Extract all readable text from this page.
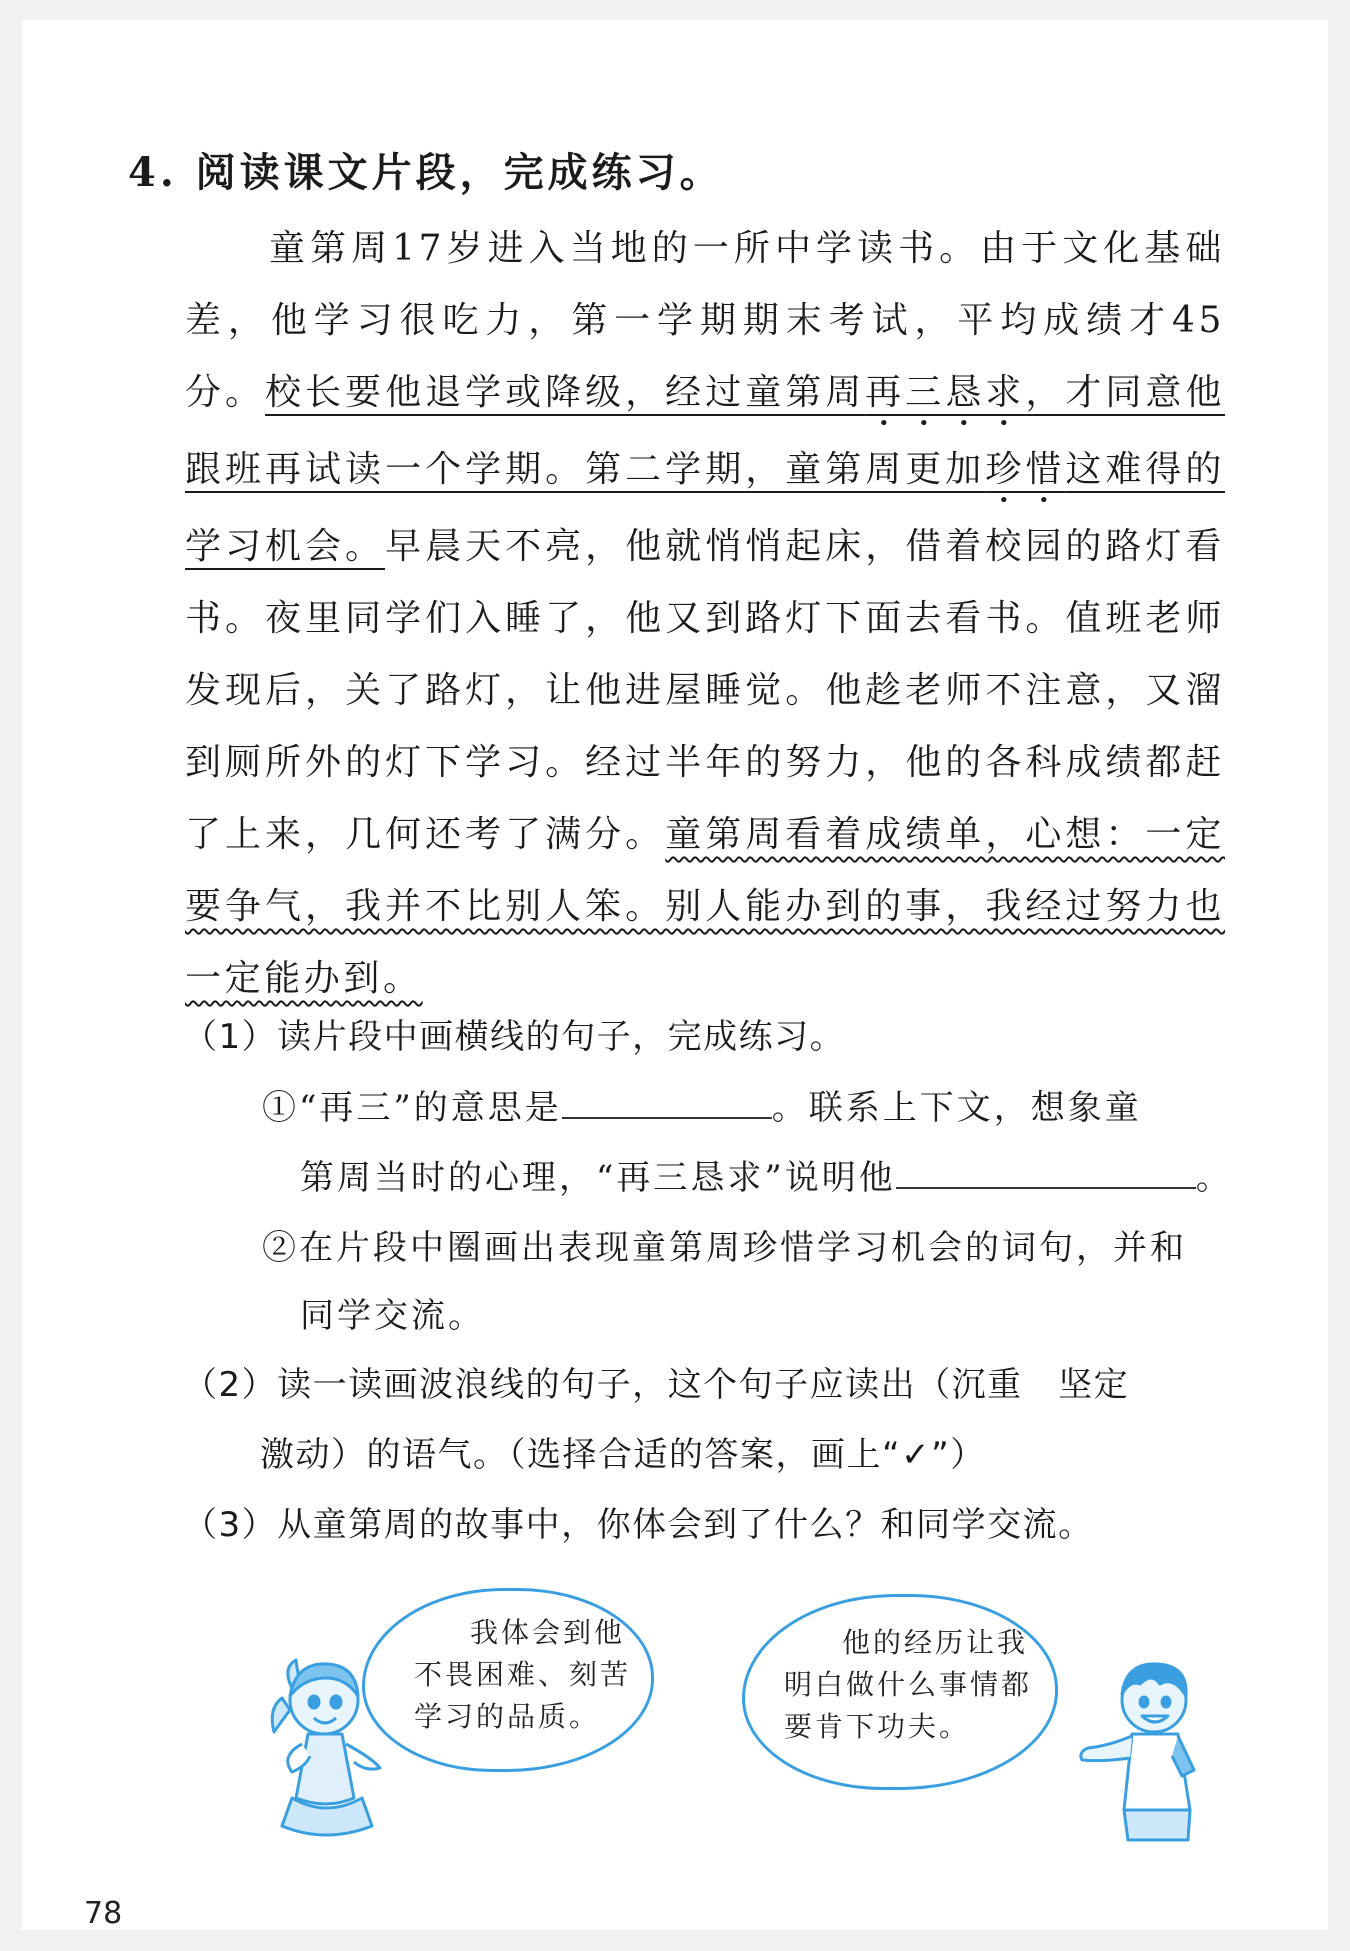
4. 阅读课文片段，完成练习。

童第周17岁进入当地的一所中学读书。由于文化基础差，他学习很吃力，第一学期期末考试，平均成绩才45分。校长要他退学或降级，经过童第周再三恳求，才同意他跟班再试读一个学期。第二学期，童第周更加珍惜这难得的学习机会。早晨天不亮，他就悄悄起床，借着校园的路灯看书。夜里同学们入睡了，他又到路灯下面去看书。值班老师发现后，关了路灯，让他进屋睡觉。他趁老师不注意，又溜到厕所外的灯下学习。经过半年的努力，他的各科成绩都赶了上来，几何还考了满分。童第周看着成绩单，心想：一定要争气，我并不比别人笨。别人能办到的事，我经过努力也一定能办到。

（1）读片段中画横线的句子，完成练习。

①“再三”的意思是	。联系上下文，想象童

第周当时的心理，“再三恳求”说明他	。

②在片段中圈画出表现童第周珍惜学习机会的词句，并和

同学交流。

（2）读一读画波浪线的句子，这个句子应读出（沉重　坚定

激动）的语气。（选择合适的答案，画上“✓”）

（3）从童第周的故事中，你体会到了什么？和同学交流。

我体会到他

不畏困难、刻苦

学习的品质。

他的经历让我

明白做什么事情都

要肯下功夫。

78
